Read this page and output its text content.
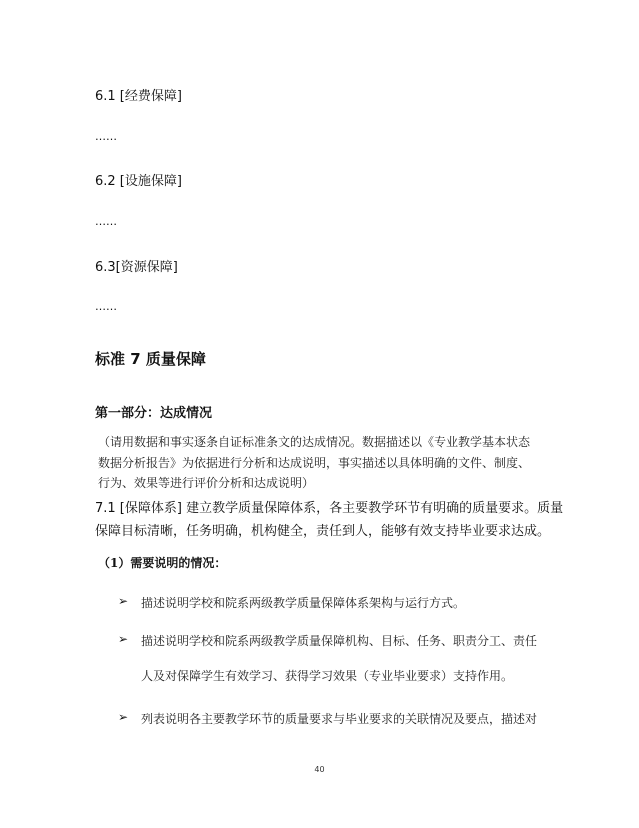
6.1 [经费保障]
……
6.2 [设施保障]
……
6.3[资源保障]
……
标准 7 质量保障
第一部分：达成情况
（请用数据和事实逐条自证标准条文的达成情况。数据描述以《专业教学基本状态
数据分析报告》为依据进行分析和达成说明，事实描述以具体明确的文件、制度、
行为、效果等进行评价分析和达成说明）
7.1 [保障体系] 建立教学质量保障体系，各主要教学环节有明确的质量要求。质量
保障目标清晰，任务明确，机构健全，责任到人，能够有效支持毕业要求达成。
（1）需要说明的情况：
➢ 描述说明学校和院系两级教学质量保障体系架构与运行方式。
➢ 描述说明学校和院系两级教学质量保障机构、目标、任务、职责分工、责任
人及对保障学生有效学习、获得学习效果（专业毕业要求）支持作用。
➢ 列表说明各主要教学环节的质量要求与毕业要求的关联情况及要点，描述对
40
